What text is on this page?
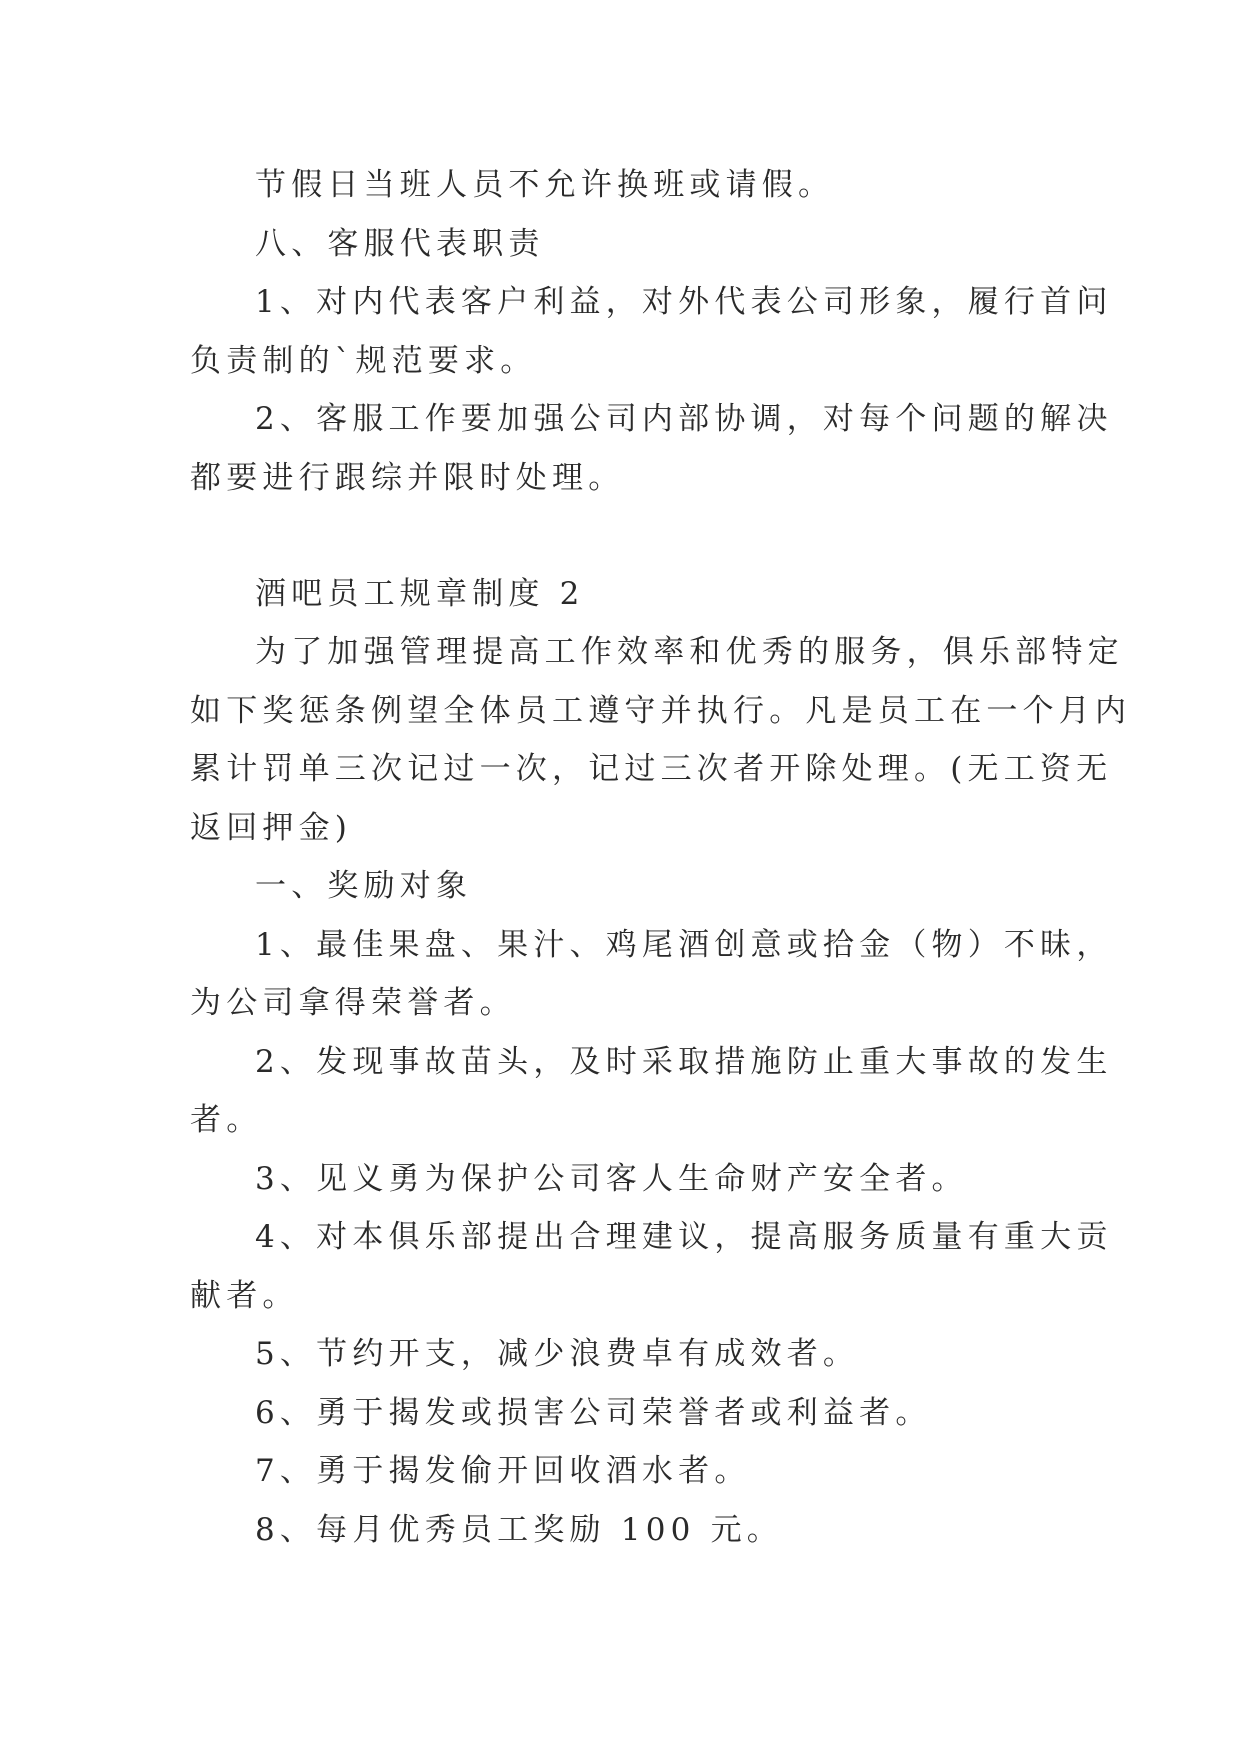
节假日当班人员不允许换班或请假。
八、客服代表职责
1、对内代表客户利益，对外代表公司形象，履行首问
负责制的`规范要求。
2、客服工作要加强公司内部协调，对每个问题的解决
都要进行跟综并限时处理。
酒吧员工规章制度 2
为了加强管理提高工作效率和优秀的服务，俱乐部特定
如下奖惩条例望全体员工遵守并执行。凡是员工在一个月内
累计罚单三次记过一次，记过三次者开除处理。(无工资无
返回押金)
一、奖励对象
1、最佳果盘、果汁、鸡尾酒创意或拾金（物）不昧，
为公司拿得荣誉者。
2、发现事故苗头，及时采取措施防止重大事故的发生
者。
3、见义勇为保护公司客人生命财产安全者。
4、对本俱乐部提出合理建议，提高服务质量有重大贡
献者。
5、节约开支，减少浪费卓有成效者。
6、勇于揭发或损害公司荣誉者或利益者。
7、勇于揭发偷开回收酒水者。
8、每月优秀员工奖励 100 元。
